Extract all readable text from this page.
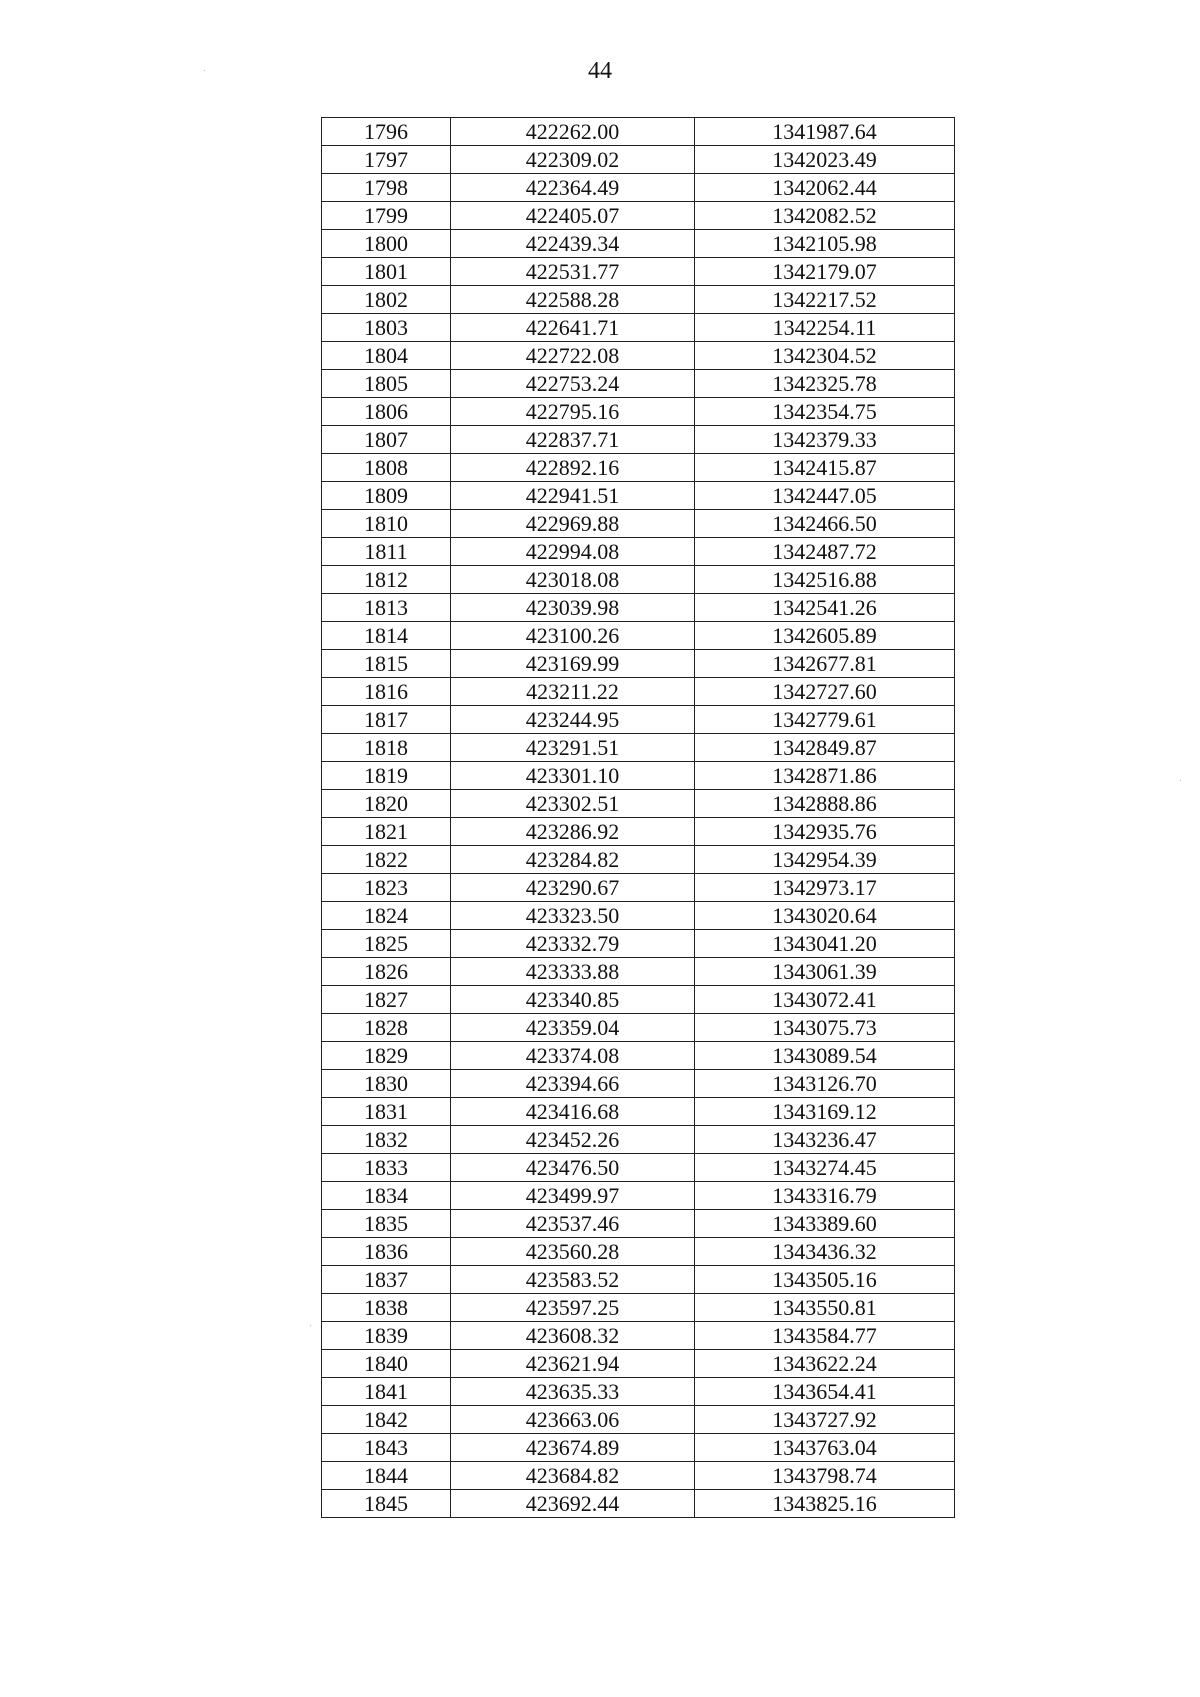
44
1796	422262.00	1341987.64
1797	422309.02	1342023.49
1798	422364.49	1342062.44
1799	422405.07	1342082.52
1800	422439.34	1342105.98
1801	422531.77	1342179.07
1802	422588.28	1342217.52
1803	422641.71	1342254.11
1804	422722.08	1342304.52
1805	422753.24	1342325.78
1806	422795.16	1342354.75
1807	422837.71	1342379.33
1808	422892.16	1342415.87
1809	422941.51	1342447.05
1810	422969.88	1342466.50
1811	422994.08	1342487.72
1812	423018.08	1342516.88
1813	423039.98	1342541.26
1814	423100.26	1342605.89
1815	423169.99	1342677.81
1816	423211.22	1342727.60
1817	423244.95	1342779.61
1818	423291.51	1342849.87
1819	423301.10	1342871.86
1820	423302.51	1342888.86
1821	423286.92	1342935.76
1822	423284.82	1342954.39
1823	423290.67	1342973.17
1824	423323.50	1343020.64
1825	423332.79	1343041.20
1826	423333.88	1343061.39
1827	423340.85	1343072.41
1828	423359.04	1343075.73
1829	423374.08	1343089.54
1830	423394.66	1343126.70
1831	423416.68	1343169.12
1832	423452.26	1343236.47
1833	423476.50	1343274.45
1834	423499.97	1343316.79
1835	423537.46	1343389.60
1836	423560.28	1343436.32
1837	423583.52	1343505.16
1838	423597.25	1343550.81
1839	423608.32	1343584.77
1840	423621.94	1343622.24
1841	423635.33	1343654.41
1842	423663.06	1343727.92
1843	423674.89	1343763.04
1844	423684.82	1343798.74
1845	423692.44	1343825.16
